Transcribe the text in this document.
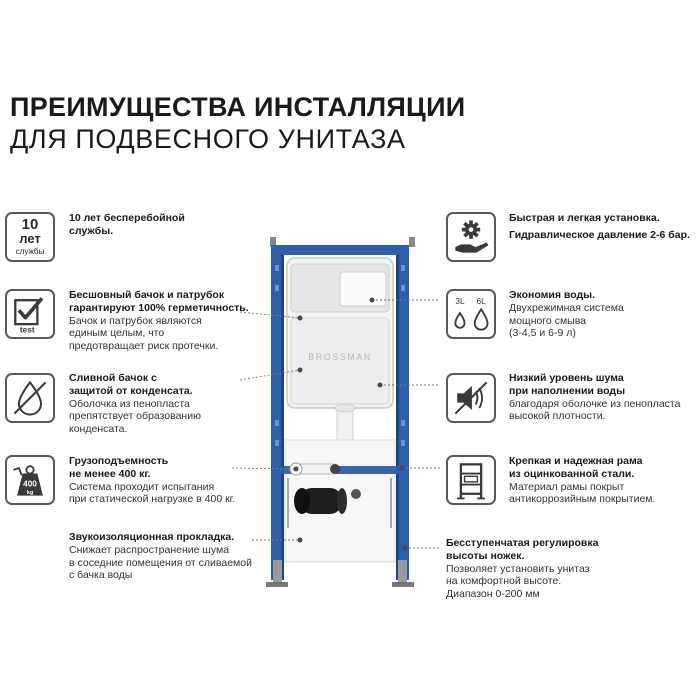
ПРЕИМУЩЕСТВА ИНСТАЛЛЯЦИИ
ДЛЯ ПОДВЕСНОГО УНИТАЗА
BROSSMAN
10
лет
службы
test
400
kg
3L 6L
10 лет бесперебойной
службы.
Бесшовный бачок и патрубок
гарантируют 100% герметичность.
Бачок и патрубок являются
единым целым, что
предотвращает риск протечки.
Сливной бачок с
защитой от конденсата.
Оболочка из пенопласта
препятствует образованию
конденсата.
Грузоподъемность
не менее 400 кг.
Система проходит испытания
при статической нагрузке в 400 кг.
Звукоизоляционная прокладка.
Снижает распространение шума
в соседние помещения от сливаемой
с бачка воды
Быстрая и легкая установка.
Гидравлическое давление 2-6 бар.
Экономия воды.
Двухрежимная система
мощного смыва
(3-4,5 и 6-9 л)
Низкий уровень шума
при наполнении воды
благодаря оболочке из пенопласта
высокой плотности.
Крепкая и надежная рама
из оцинкованной стали.
Материал рамы покрыт
антикоррозийным покрытием.
Бесступенчатая регулировка
высоты ножек.
Позволяет установить унитаз
на комфортной высоте.
Диапазон 0-200 мм
